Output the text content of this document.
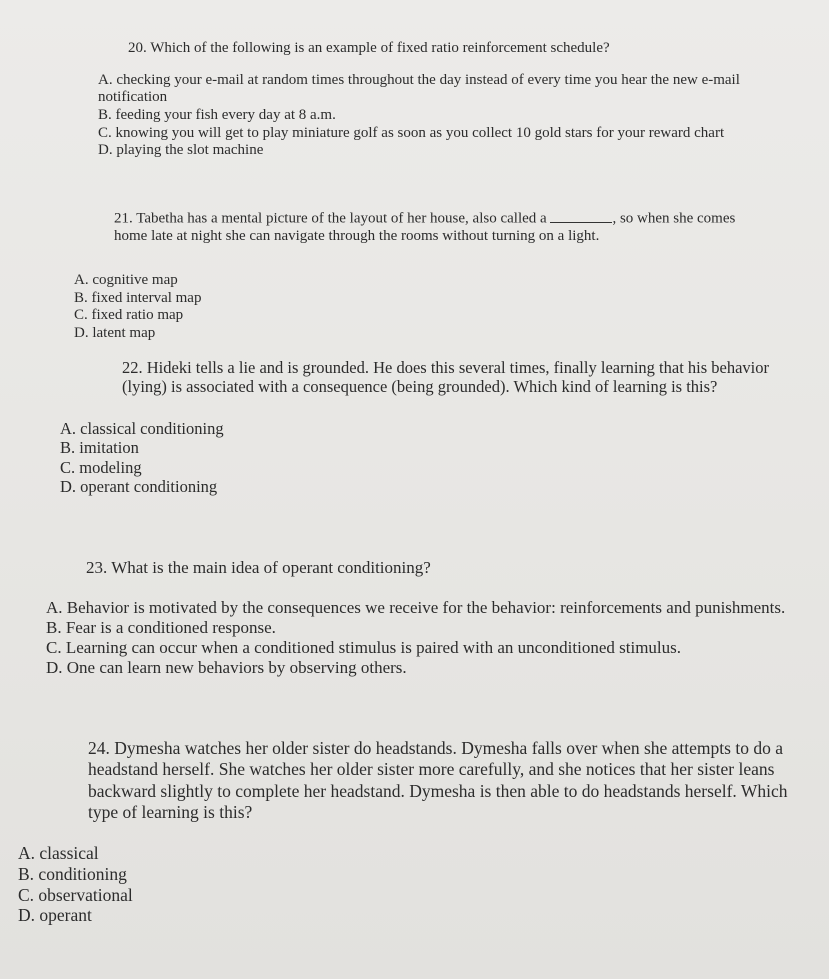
20. Which of the following is an example of fixed ratio reinforcement schedule?
A. checking your e-mail at random times throughout the day instead of every time you hear the new e-mail notification
B. feeding your fish every day at 8 a.m.
C. knowing you will get to play miniature golf as soon as you collect 10 gold stars for your reward chart
D. playing the slot machine
21. Tabetha has a mental picture of the layout of her house, also called a	, so when she comes home late at night she can navigate through the rooms without turning on a light.
A. cognitive map
B. fixed interval map
C. fixed ratio map
D. latent map
22. Hideki tells a lie and is grounded. He does this several times, finally learning that his behavior (lying) is associated with a consequence (being grounded). Which kind of learning is this?
A. classical conditioning
B. imitation
C. modeling
D. operant conditioning
23. What is the main idea of operant conditioning?
A. Behavior is motivated by the consequences we receive for the behavior: reinforcements and punishments.
B. Fear is a conditioned response.
C. Learning can occur when a conditioned stimulus is paired with an unconditioned stimulus.
D. One can learn new behaviors by observing others.
24. Dymesha watches her older sister do headstands. Dymesha falls over when she attempts to do a headstand herself. She watches her older sister more carefully, and she notices that her sister leans backward slightly to complete her headstand. Dymesha is then able to do headstands herself. Which type of learning is this?
A. classical
B. conditioning
C. observational
D. operant
